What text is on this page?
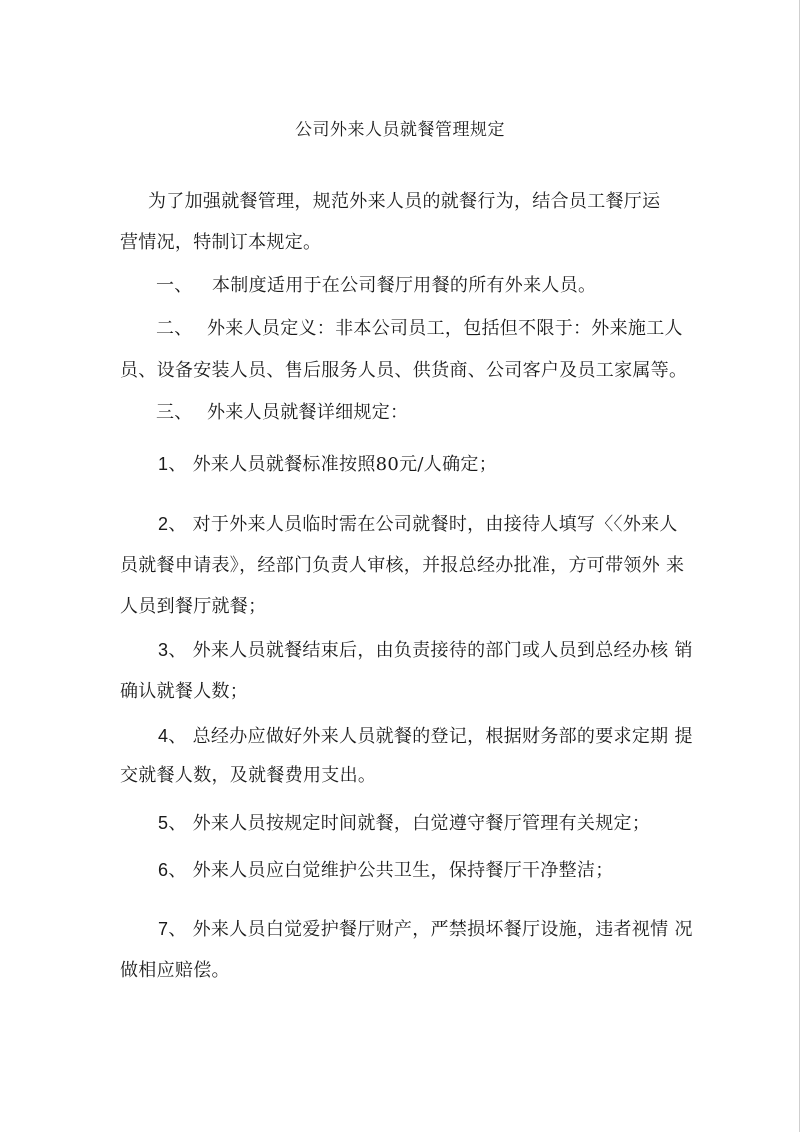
公司外来人员就餐管理规定

为了加强就餐管理，规范外来人员的就餐行为，结合员工餐厅运

营情况，特制订本规定。

一、 本制度适用于在公司餐厅用餐的所有外来人员。

二、 外来人员定义：非本公司员工，包括但不限于：外来施工人

员、设备安装人员、售后服务人员、供货商、公司客户及员工家属等。

三、 外来人员就餐详细规定：

1、 外来人员就餐标准按照80元/人确定；

2、 对于外来人员临时需在公司就餐时，由接待人填写〈〈外来人

员就餐申请表》，经部门负责人审核，并报总经办批准，方可带领外 来

人员到餐厅就餐；

3、 外来人员就餐结束后，由负责接待的部门或人员到总经办核 销

确认就餐人数；

4、 总经办应做好外来人员就餐的登记，根据财务部的要求定期 提

交就餐人数，及就餐费用支出。

5、 外来人员按规定时间就餐，白觉遵守餐厅管理有关规定；

6、 外来人员应白觉维护公共卫生，保持餐厅干净整洁；

7、 外来人员白觉爱护餐厅财产，严禁损坏餐厅设施，违者视情 况

做相应赔偿。
